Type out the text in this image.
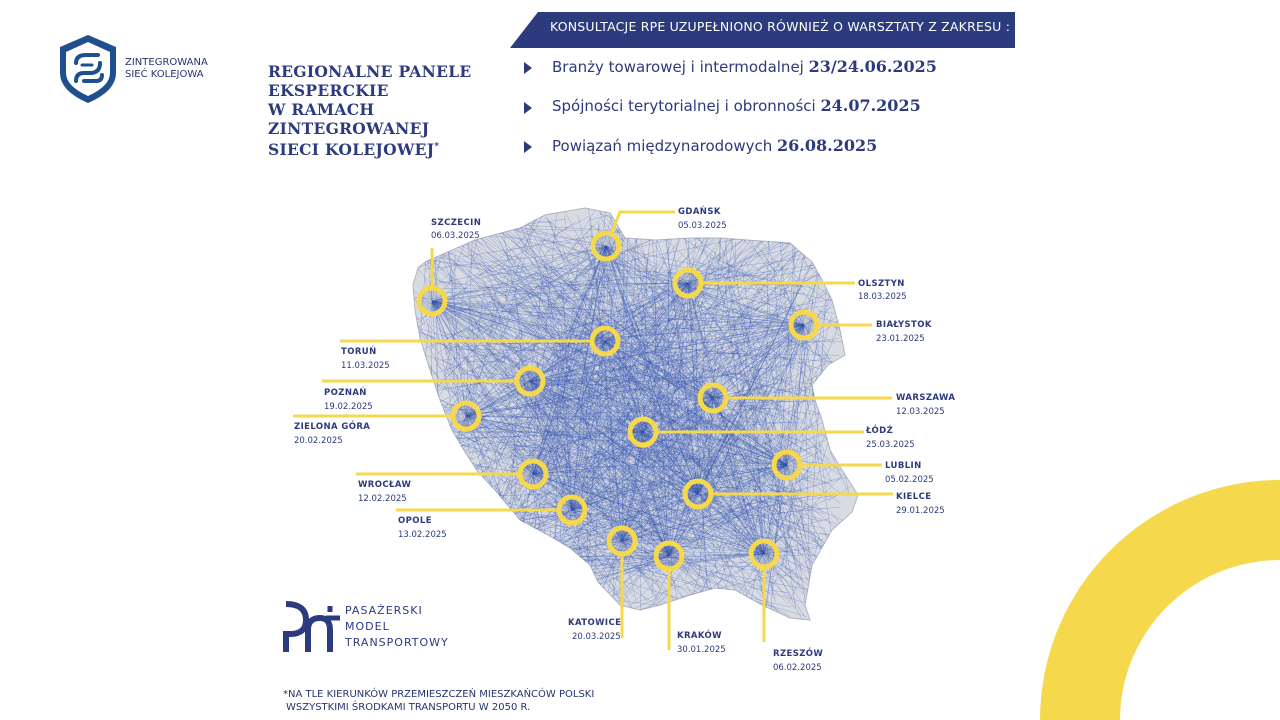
ZINTEGROWANA
SIEĆ KOLEJOWA	REGIONALNE PANELE
EKSPERCKIE
W RAMACH
ZINTEGROWANEJ
SIECI KOLEJOWEJ*
KONSULTACJE RPE UZUPEŁNIONO RÓWNIEŻ O WARSZTATY Z ZAKRESU :
Branży towarowej i intermodalnej 23/24.06.2025
Spójności terytorialnej i obronności 24.07.2025
Powiązań międzynarodowych 26.08.2025
SZCZECIN
06.03.2025
GDAŃSK
05.03.2025
OLSZTYN
18.03.2025
BIAŁYSTOK
23.01.2025
TORUŃ
11.03.2025
POZNAŃ
19.02.2025
ZIELONA GÓRA
20.02.2025
WARSZAWA
12.03.2025
ŁÓDŹ
25.03.2025
LUBLIN
05.02.2025
KIELCE
29.01.2025
WROCŁAW
12.02.2025
OPOLE
13.02.2025
KATOWICE
20.03.2025	KRAKÓW
30.01.2025	RZESZÓW
06.02.2025
PASAŻERSKI
MODEL
TRANSPORTOWY
*NA TLE KIERUNKÓW PRZEMIESZCZEŃ MIESZKAŃCÓW POLSKI
WSZYSTKIMI ŚRODKAMI TRANSPORTU W 2050 R.
